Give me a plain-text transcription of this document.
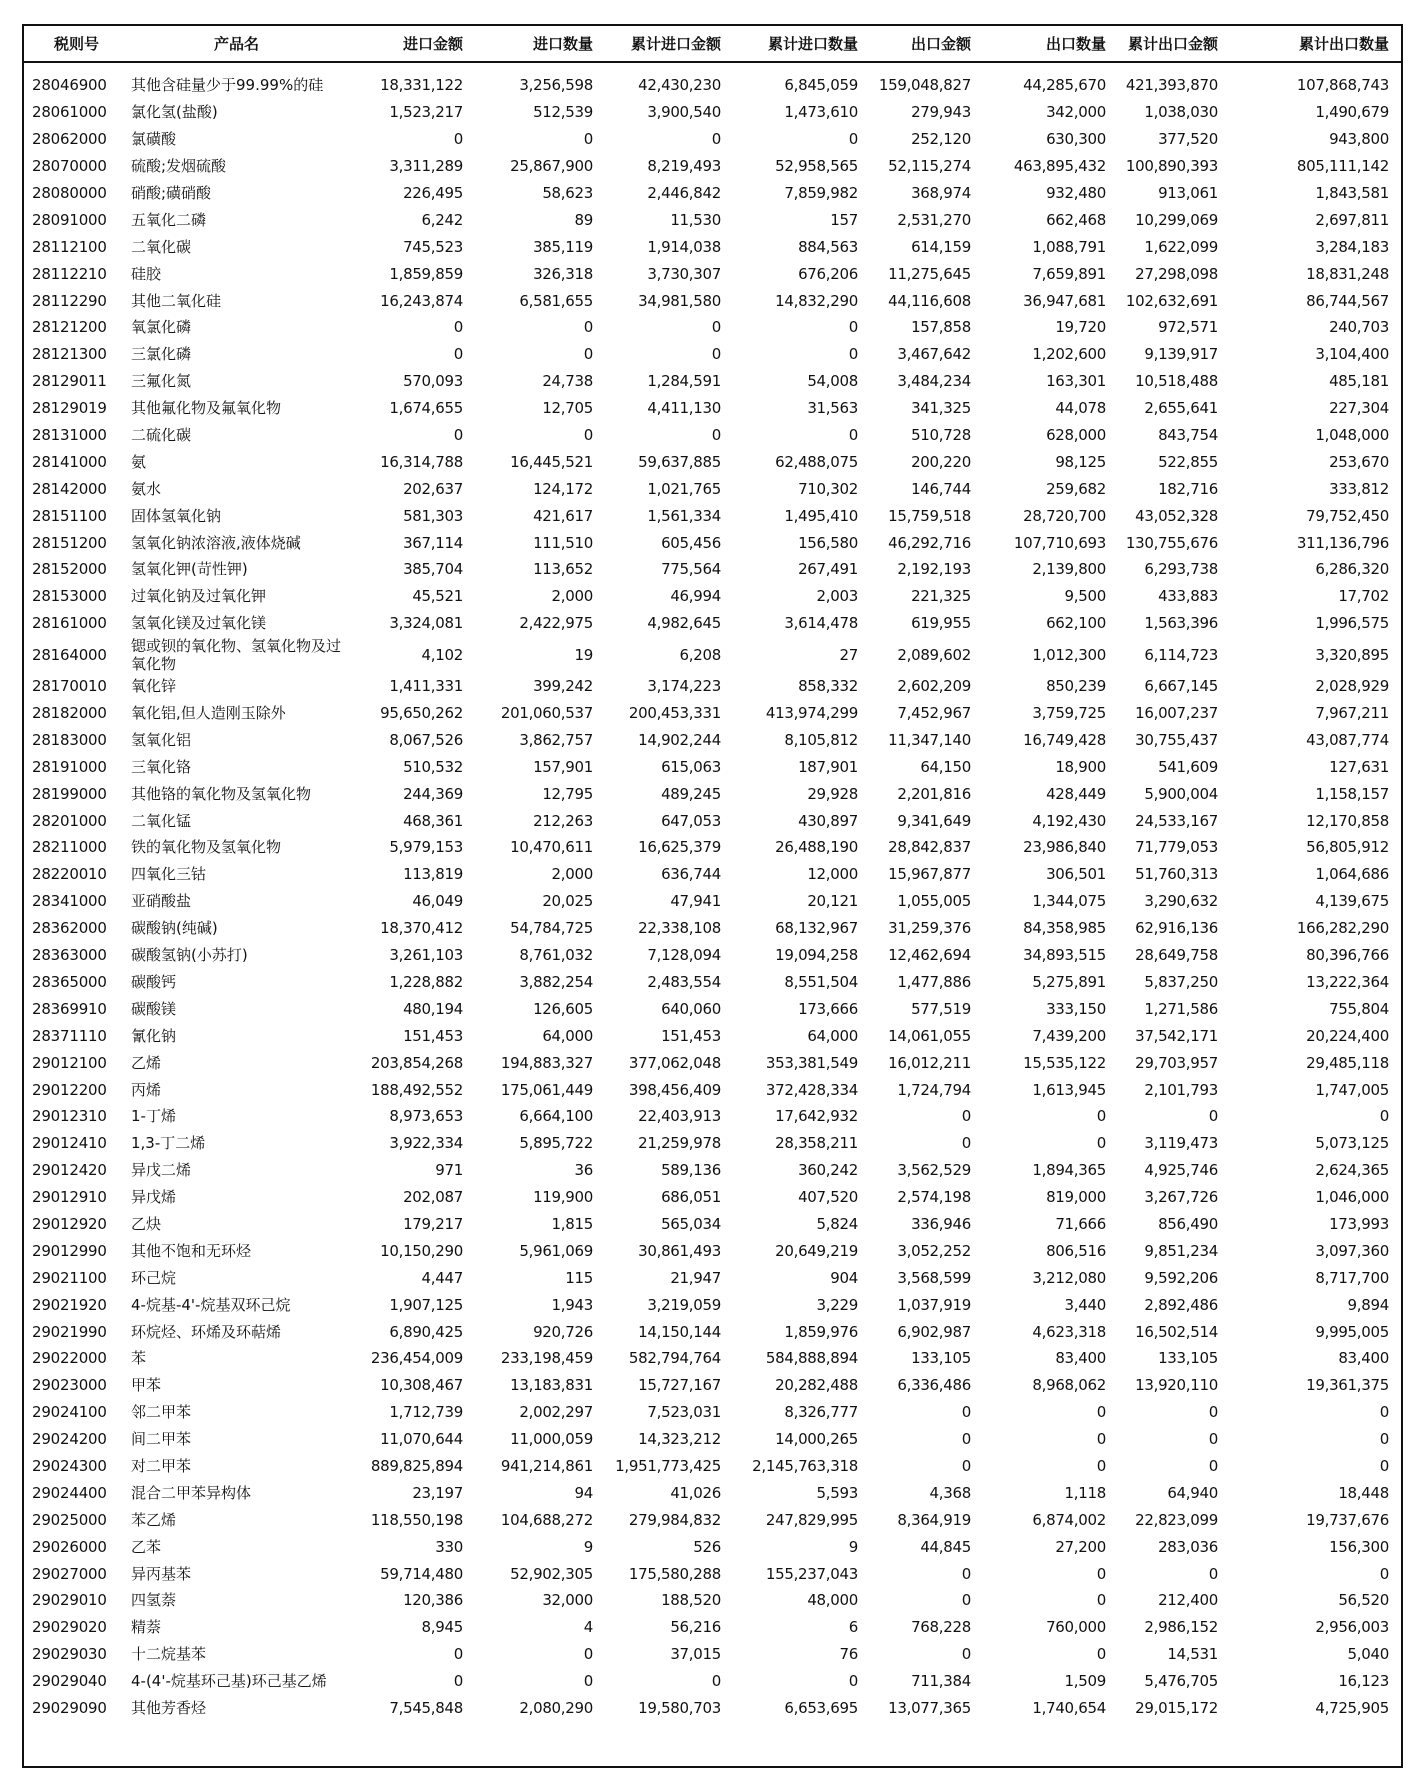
税则号	产品名	进口金额	进口数量	累计进口金额	累计进口数量	出口金额	出口数量	累计出口金额	累计出口数量

28046900	其他含硅量少于99.99%的硅	18,331,122	3,256,598	42,430,230	6,845,059	159,048,827	44,285,670	421,393,870	107,868,743
28061000	氯化氢(盐酸)	1,523,217	512,539	3,900,540	1,473,610	279,943	342,000	1,038,030	1,490,679
28062000	氯磺酸	0	0	0	0	252,120	630,300	377,520	943,800
28070000	硫酸;发烟硫酸	3,311,289	25,867,900	8,219,493	52,958,565	52,115,274	463,895,432	100,890,393	805,111,142
28080000	硝酸;磺硝酸	226,495	58,623	2,446,842	7,859,982	368,974	932,480	913,061	1,843,581
28091000	五氧化二磷	6,242	89	11,530	157	2,531,270	662,468	10,299,069	2,697,811
28112100	二氧化碳	745,523	385,119	1,914,038	884,563	614,159	1,088,791	1,622,099	3,284,183
28112210	硅胶	1,859,859	326,318	3,730,307	676,206	11,275,645	7,659,891	27,298,098	18,831,248
28112290	其他二氧化硅	16,243,874	6,581,655	34,981,580	14,832,290	44,116,608	36,947,681	102,632,691	86,744,567
28121200	氧氯化磷	0	0	0	0	157,858	19,720	972,571	240,703
28121300	三氯化磷	0	0	0	0	3,467,642	1,202,600	9,139,917	3,104,400
28129011	三氟化氮	570,093	24,738	1,284,591	54,008	3,484,234	163,301	10,518,488	485,181
28129019	其他氟化物及氟氧化物	1,674,655	12,705	4,411,130	31,563	341,325	44,078	2,655,641	227,304
28131000	二硫化碳	0	0	0	0	510,728	628,000	843,754	1,048,000
28141000	氨	16,314,788	16,445,521	59,637,885	62,488,075	200,220	98,125	522,855	253,670
28142000	氨水	202,637	124,172	1,021,765	710,302	146,744	259,682	182,716	333,812
28151100	固体氢氧化钠	581,303	421,617	1,561,334	1,495,410	15,759,518	28,720,700	43,052,328	79,752,450
28151200	氢氧化钠浓溶液,液体烧碱	367,114	111,510	605,456	156,580	46,292,716	107,710,693	130,755,676	311,136,796
28152000	氢氧化钾(苛性钾)	385,704	113,652	775,564	267,491	2,192,193	2,139,800	6,293,738	6,286,320
28153000	过氧化钠及过氧化钾	45,521	2,000	46,994	2,003	221,325	9,500	433,883	17,702
28161000	氢氧化镁及过氧化镁	3,324,081	2,422,975	4,982,645	3,614,478	619,955	662,100	1,563,396	1,996,575
28164000	锶或钡的氧化物、氢氧化物及过氧化物	4,102	19	6,208	27	2,089,602	1,012,300	6,114,723	3,320,895
28170010	氧化锌	1,411,331	399,242	3,174,223	858,332	2,602,209	850,239	6,667,145	2,028,929
28182000	氧化铝,但人造刚玉除外	95,650,262	201,060,537	200,453,331	413,974,299	7,452,967	3,759,725	16,007,237	7,967,211
28183000	氢氧化铝	8,067,526	3,862,757	14,902,244	8,105,812	11,347,140	16,749,428	30,755,437	43,087,774
28191000	三氧化铬	510,532	157,901	615,063	187,901	64,150	18,900	541,609	127,631
28199000	其他铬的氧化物及氢氧化物	244,369	12,795	489,245	29,928	2,201,816	428,449	5,900,004	1,158,157
28201000	二氧化锰	468,361	212,263	647,053	430,897	9,341,649	4,192,430	24,533,167	12,170,858
28211000	铁的氧化物及氢氧化物	5,979,153	10,470,611	16,625,379	26,488,190	28,842,837	23,986,840	71,779,053	56,805,912
28220010	四氧化三钴	113,819	2,000	636,744	12,000	15,967,877	306,501	51,760,313	1,064,686
28341000	亚硝酸盐	46,049	20,025	47,941	20,121	1,055,005	1,344,075	3,290,632	4,139,675
28362000	碳酸钠(纯碱)	18,370,412	54,784,725	22,338,108	68,132,967	31,259,376	84,358,985	62,916,136	166,282,290
28363000	碳酸氢钠(小苏打)	3,261,103	8,761,032	7,128,094	19,094,258	12,462,694	34,893,515	28,649,758	80,396,766
28365000	碳酸钙	1,228,882	3,882,254	2,483,554	8,551,504	1,477,886	5,275,891	5,837,250	13,222,364
28369910	碳酸镁	480,194	126,605	640,060	173,666	577,519	333,150	1,271,586	755,804
28371110	氰化钠	151,453	64,000	151,453	64,000	14,061,055	7,439,200	37,542,171	20,224,400
29012100	乙烯	203,854,268	194,883,327	377,062,048	353,381,549	16,012,211	15,535,122	29,703,957	29,485,118
29012200	丙烯	188,492,552	175,061,449	398,456,409	372,428,334	1,724,794	1,613,945	2,101,793	1,747,005
29012310	1-丁烯	8,973,653	6,664,100	22,403,913	17,642,932	0	0	0	0
29012410	1,3-丁二烯	3,922,334	5,895,722	21,259,978	28,358,211	0	0	3,119,473	5,073,125
29012420	异戊二烯	971	36	589,136	360,242	3,562,529	1,894,365	4,925,746	2,624,365
29012910	异戊烯	202,087	119,900	686,051	407,520	2,574,198	819,000	3,267,726	1,046,000
29012920	乙炔	179,217	1,815	565,034	5,824	336,946	71,666	856,490	173,993
29012990	其他不饱和无环烃	10,150,290	5,961,069	30,861,493	20,649,219	3,052,252	806,516	9,851,234	3,097,360
29021100	环己烷	4,447	115	21,947	904	3,568,599	3,212,080	9,592,206	8,717,700
29021920	4-烷基-4'-烷基双环己烷	1,907,125	1,943	3,219,059	3,229	1,037,919	3,440	2,892,486	9,894
29021990	环烷烃、环烯及环萜烯	6,890,425	920,726	14,150,144	1,859,976	6,902,987	4,623,318	16,502,514	9,995,005
29022000	苯	236,454,009	233,198,459	582,794,764	584,888,894	133,105	83,400	133,105	83,400
29023000	甲苯	10,308,467	13,183,831	15,727,167	20,282,488	6,336,486	8,968,062	13,920,110	19,361,375
29024100	邻二甲苯	1,712,739	2,002,297	7,523,031	8,326,777	0	0	0	0
29024200	间二甲苯	11,070,644	11,000,059	14,323,212	14,000,265	0	0	0	0
29024300	对二甲苯	889,825,894	941,214,861	1,951,773,425	2,145,763,318	0	0	0	0
29024400	混合二甲苯异构体	23,197	94	41,026	5,593	4,368	1,118	64,940	18,448
29025000	苯乙烯	118,550,198	104,688,272	279,984,832	247,829,995	8,364,919	6,874,002	22,823,099	19,737,676
29026000	乙苯	330	9	526	9	44,845	27,200	283,036	156,300
29027000	异丙基苯	59,714,480	52,902,305	175,580,288	155,237,043	0	0	0	0
29029010	四氢萘	120,386	32,000	188,520	48,000	0	0	212,400	56,520
29029020	精萘	8,945	4	56,216	6	768,228	760,000	2,986,152	2,956,003
29029030	十二烷基苯	0	0	37,015	76	0	0	14,531	5,040
29029040	4-(4'-烷基环己基)环己基乙烯	0	0	0	0	711,384	1,509	5,476,705	16,123
29029090	其他芳香烃	7,545,848	2,080,290	19,580,703	6,653,695	13,077,365	1,740,654	29,015,172	4,725,905
